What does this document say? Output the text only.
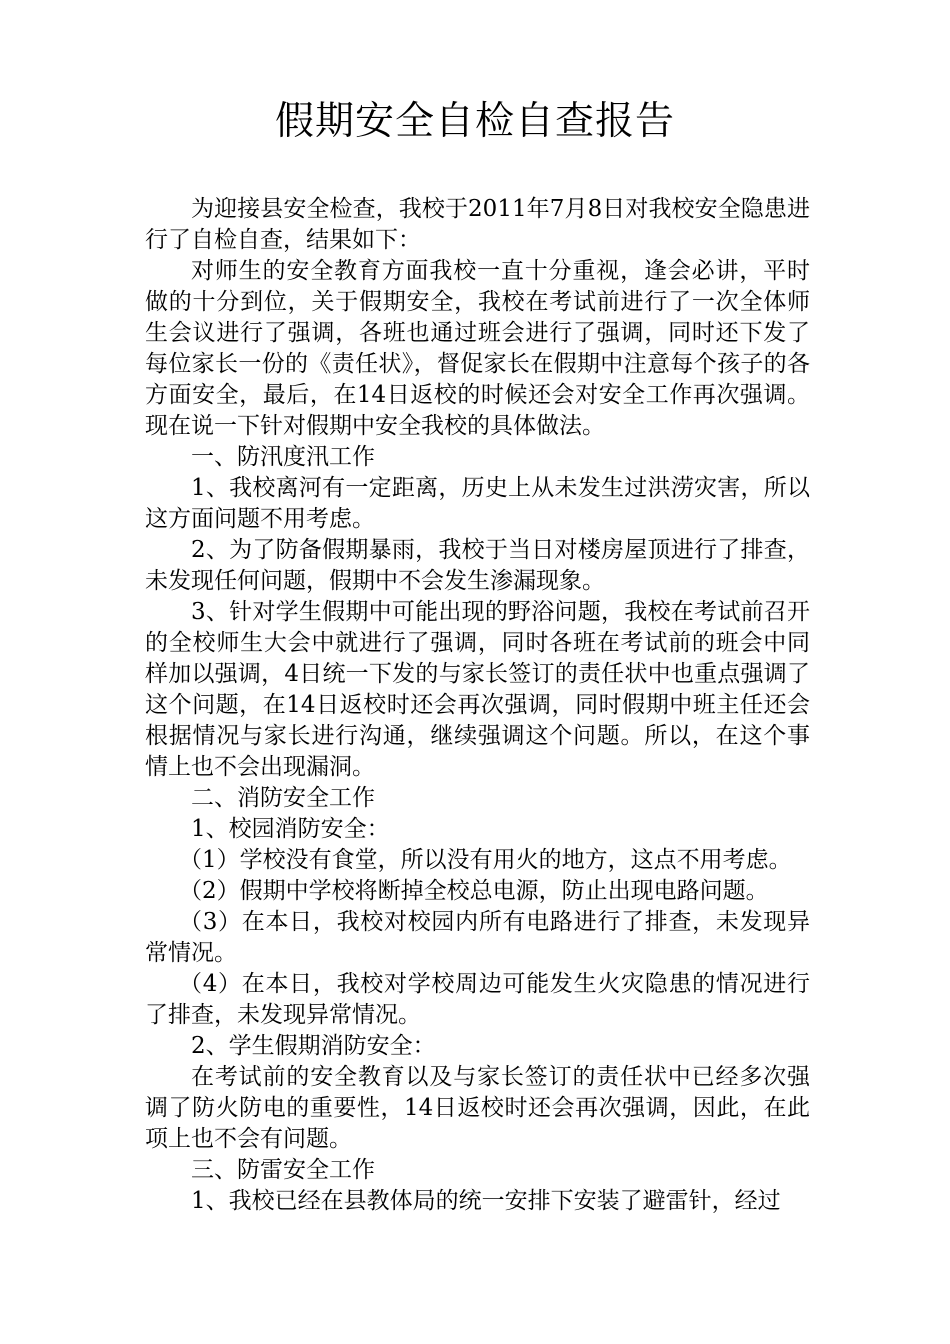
假期安全自检自查报告

为迎接县安全检查，我校于2011年7月8日对我校安全隐患进行了自检自查，结果如下：

对师生的安全教育方面我校一直十分重视，逢会必讲，平时做的十分到位，关于假期安全，我校在考试前进行了一次全体师生会议进行了强调，各班也通过班会进行了强调，同时还下发了每位家长一份的《责任状》，督促家长在假期中注意每个孩子的各方面安全，最后，在14日返校的时候还会对安全工作再次强调。现在说一下针对假期中安全我校的具体做法。

一、防汛度汛工作

1、我校离河有一定距离，历史上从未发生过洪涝灾害，所以这方面问题不用考虑。

2、为了防备假期暴雨，我校于当日对楼房屋顶进行了排查，未发现任何问题，假期中不会发生渗漏现象。

3、针对学生假期中可能出现的野浴问题，我校在考试前召开的全校师生大会中就进行了强调，同时各班在考试前的班会中同样加以强调，4日统一下发的与家长签订的责任状中也重点强调了这个问题，在14日返校时还会再次强调，同时假期中班主任还会根据情况与家长进行沟通，继续强调这个问题。所以，在这个事情上也不会出现漏洞。

二、消防安全工作

1、校园消防安全：

（1）学校没有食堂，所以没有用火的地方，这点不用考虑。

（2）假期中学校将断掉全校总电源，防止出现电路问题。

（3）在本日，我校对校园内所有电路进行了排查，未发现异常情况。

（4）在本日，我校对学校周边可能发生火灾隐患的情况进行了排查，未发现异常情况。

2、学生假期消防安全：

在考试前的安全教育以及与家长签订的责任状中已经多次强调了防火防电的重要性，14日返校时还会再次强调，因此，在此项上也不会有问题。

三、防雷安全工作

1、我校已经在县教体局的统一安排下安装了避雷针，经过
